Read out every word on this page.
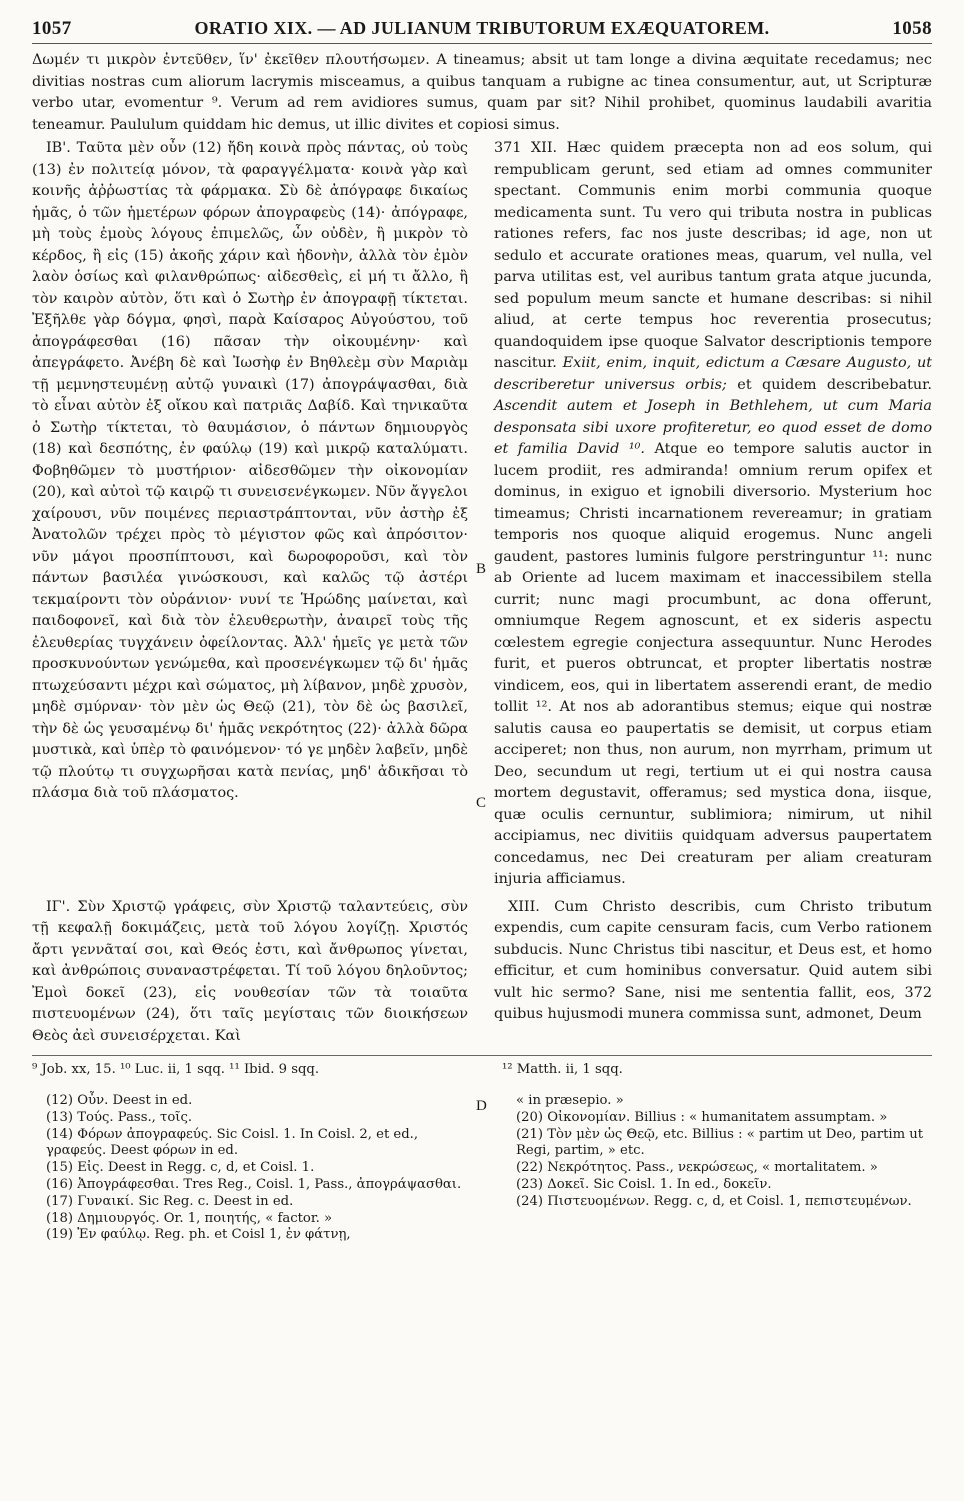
1057	ORATIO XIX. — AD JULIANUM TRIBUTORUM EXÆQUATOREM.	1058

Δωμέν τι μικρὸν ἐντεῦθεν, ἵν' ἐκεῖθεν πλουτήσωμεν. A tineamus; absit ut tam longe a divina æquitate recedamus; nec divitias nostras cum aliorum lacrymis misceamus, a quibus tanquam a rubigne ac tinea consumentur, aut, ut Scripturæ verbo utar, evomentur ⁹. Verum ad rem avidiores sumus, quam par sit? Nihil prohibet, quominus laudabili avaritia teneamur. Paululum quiddam hic demus, ut illic divites et copiosi simus.

ΙΒ'. Ταῦτα μὲν οὖν (12) ἤδη κοινὰ πρὸς πάντας, οὐ τοὺς (13) ἐν πολιτείᾳ μόνον, τὰ φαραγγέλματα· κοινὰ γὰρ καὶ κοινῆς ἀῤῥωστίας τὰ φάρμακα. Σὺ δὲ ἀπόγραφε δικαίως ἡμᾶς, ὁ τῶν ἡμετέρων φόρων ἀπογραφεὺς (14)· ἀπόγραφε, μὴ τοὺς ἐμοὺς λόγους ἐπιμελῶς, ὧν οὐδὲν, ἢ μικρὸν τὸ κέρδος, ἢ εἰς (15) ἀκοῆς χάριν καὶ ἡδονὴν, ἀλλὰ τὸν ἐμὸν λαὸν ὁσίως καὶ φιλανθρώπως· αἰδεσθεὶς, εἰ μή τι ἄλλο, ἢ τὸν καιρὸν αὐτὸν, ὅτι καὶ ὁ Σωτὴρ ἐν ἀπογραφῇ τίκτεται. Ἐξῆλθε γὰρ δόγμα, φησὶ, παρὰ Καίσαρος Αὐγούστου, τοῦ ἀπογράφεσθαι (16) πᾶσαν τὴν οἰκουμένην· καὶ ἀπεγράφετο. Ἀνέβη δὲ καὶ Ἰωσὴφ ἐν Βηθλεὲμ σὺν Μαριὰμ τῇ μεμνηστευμένῃ αὐτῷ γυναικὶ (17) ἀπογράψασθαι, διὰ τὸ εἶναι αὐτὸν ἐξ οἴκου καὶ πατριᾶς Δαβίδ. Καὶ τηνικαῦτα ὁ Σωτὴρ τίκτεται, τὸ θαυμάσιον, ὁ πάντων δημιουργὸς (18) καὶ δεσπότης, ἐν φαύλῳ (19) καὶ μικρῷ καταλύματι. Φοβηθῶμεν τὸ μυστήριον· αἰδεσθῶμεν τὴν οἰκονομίαν (20), καὶ αὐτοὶ τῷ καιρῷ τι συνεισενέγκωμεν. Νῦν ἄγγελοι χαίρουσι, νῦν ποιμένες περιαστράπτονται, νῦν ἀστὴρ ἐξ Ἀνατολῶν τρέχει πρὸς τὸ μέγιστον φῶς καὶ ἀπρόσιτον· νῦν μάγοι προσπίπτουσι, καὶ δωροφοροῦσι, καὶ τὸν πάντων βασιλέα γινώσκουσι, καὶ καλῶς τῷ ἀστέρι τεκμαίροντι τὸν οὐράνιον· νυνί τε Ἡρώδης μαίνεται, καὶ παιδοφονεῖ, καὶ διὰ τὸν ἐλευθερωτὴν, ἀναιρεῖ τοὺς τῆς ἐλευθερίας τυγχάνειν ὀφείλοντας. Ἀλλ' ἡμεῖς γε μετὰ τῶν προσκυνούντων γενώμεθα, καὶ προσενέγκωμεν τῷ δι' ἡμᾶς πτωχεύσαντι μέχρι καὶ σώματος, μὴ λίβανον, μηδὲ χρυσὸν, μηδὲ σμύρναν· τὸν μὲν ὡς Θεῷ (21), τὸν δὲ ὡς βασιλεῖ, τὴν δὲ ὡς γευσαμένῳ δι' ἡμᾶς νεκρότητος (22)· ἀλλὰ δῶρα μυστικὰ, καὶ ὑπὲρ τὸ φαινόμενον· τό γε μηδὲν λαβεῖν, μηδὲ τῷ πλούτῳ τι συγχωρῆσαι κατὰ πενίας, μηδ' ἀδικῆσαι τὸ πλάσμα διὰ τοῦ πλάσματος.

371 XII. Hæc quidem præcepta non ad eos solum, qui rempublicam gerunt, sed etiam ad omnes communiter spectant. Communis enim morbi communia quoque medicamenta sunt. Tu vero qui tributa nostra in publicas rationes refers, fac nos juste describas; id age, non ut sedulo et accurate orationes meas, quarum, vel nulla, vel parva utilitas est, vel auribus tantum grata atque jucunda, sed populum meum sancte et humane describas: si nihil aliud, at certe tempus hoc reverentia prosecutus; quandoquidem ipse quoque Salvator descriptionis tempore nascitur. Exiit, enim, inquit, edictum a Cæsare Augusto, ut describeretur universus orbis; et quidem describebatur. Ascendit autem et Joseph in Bethlehem, ut cum Maria desponsata sibi uxore profiteretur, eo quod esset de domo et familia David ¹⁰. Atque eo tempore salutis auctor in lucem prodiit, res admiranda! omnium rerum opifex et dominus, in exiguo et ignobili diversorio. Mysterium hoc timeamus; Christi incarnationem revereamur; in gratiam temporis nos quoque aliquid erogemus. Nunc angeli gaudent, pastores luminis fulgore perstringuntur ¹¹: nunc ab Oriente ad lucem maximam et inaccessibilem stella currit; nunc magi procumbunt, ac dona offerunt, omniumque Regem agnoscunt, et ex sideris aspectu cœlestem egregie conjectura assequuntur. Nunc Herodes furit, et pueros obtruncat, et propter libertatis nostræ vindicem, eos, qui in libertatem asserendi erant, de medio tollit ¹². At nos ab adorantibus stemus; eique qui nostræ salutis causa eo paupertatis se demisit, ut corpus etiam acciperet; non thus, non aurum, non myrrham, primum ut Deo, secundum ut regi, tertium ut ei qui nostra causa mortem degustavit, offeramus; sed mystica dona, iisque, quæ oculis cernuntur, sublimiora; nimirum, ut nihil accipiamus, nec divitiis quidquam adversus paupertatem concedamus, nec Dei creaturam per aliam creaturam injuria afficiamus.

ΙΓ'. Σὺν Χριστῷ γράφεις, σὺν Χριστῷ ταλαντεύεις, σὺν τῇ κεφαλῇ δοκιμάζεις, μετὰ τοῦ λόγου λογίζῃ. Χριστός ἄρτι γεννᾶταί σοι, καὶ Θεός ἐστι, καὶ ἄνθρωπος γίνεται, καὶ ἀνθρώποις συναναστρέφεται. Τί τοῦ λόγου δηλοῦντος; Ἐμοὶ δοκεῖ (23), εἰς νουθεσίαν τῶν τὰ τοιαῦτα πιστευομένων (24), ὅτι ταῖς μεγίσταις τῶν διοικήσεων Θεὸς ἀεὶ συνεισέρχεται. Καὶ

XIII. Cum Christo describis, cum Christo tributum expendis, cum capite censuram facis, cum Verbo rationem subducis. Nunc Christus tibi nascitur, et Deus est, et homo efficitur, et cum hominibus conversatur. Quid autem sibi vult hic sermo? Sane, nisi me sententia fallit, eos, 372 quibus hujusmodi munera commissa sunt, admonet, Deum

⁹ Job. xx, 15. ¹⁰ Luc. ii, 1 sqq. ¹¹ Ibid. 9 sqq.	¹² Matth. ii, 1 sqq.

(12) Οὖν. Deest in ed.

(13) Τούς. Pass., τοῖς.

(14) Φόρων ἀπογραφεύς. Sic Coisl. 1. In Coisl. 2, et ed., γραφεύς. Deest φόρων in ed.

(15) Εἰς. Deest in Regg. c, d, et Coisl. 1.

(16) Ἀπογράφεσθαι. Tres Reg., Coisl. 1, Pass., ἀπογράψασθαι.

(17) Γυναικί. Sic Reg. c. Deest in ed.

(18) Δημιουργός. Or. 1, ποιητής, « factor. »

(19) Ἐν φαύλῳ. Reg. ph. et Coisl 1, ἐν φάτνῃ,

« in præsepio. »

(20) Οἰκονομίαν. Billius : « humanitatem assumptam. »

(21) Τὸν μὲν ὡς Θεῷ, etc. Billius : « partim ut Deo, partim ut Regi, partim, » etc.

(22) Νεκρότητος. Pass., νεκρώσεως, « mortalitatem. »

(23) Δοκεῖ. Sic Coisl. 1. In ed., δοκεῖν.

(24) Πιστευομένων. Regg. c, d, et Coisl. 1, πεπιστευμένων.

B
C
D
